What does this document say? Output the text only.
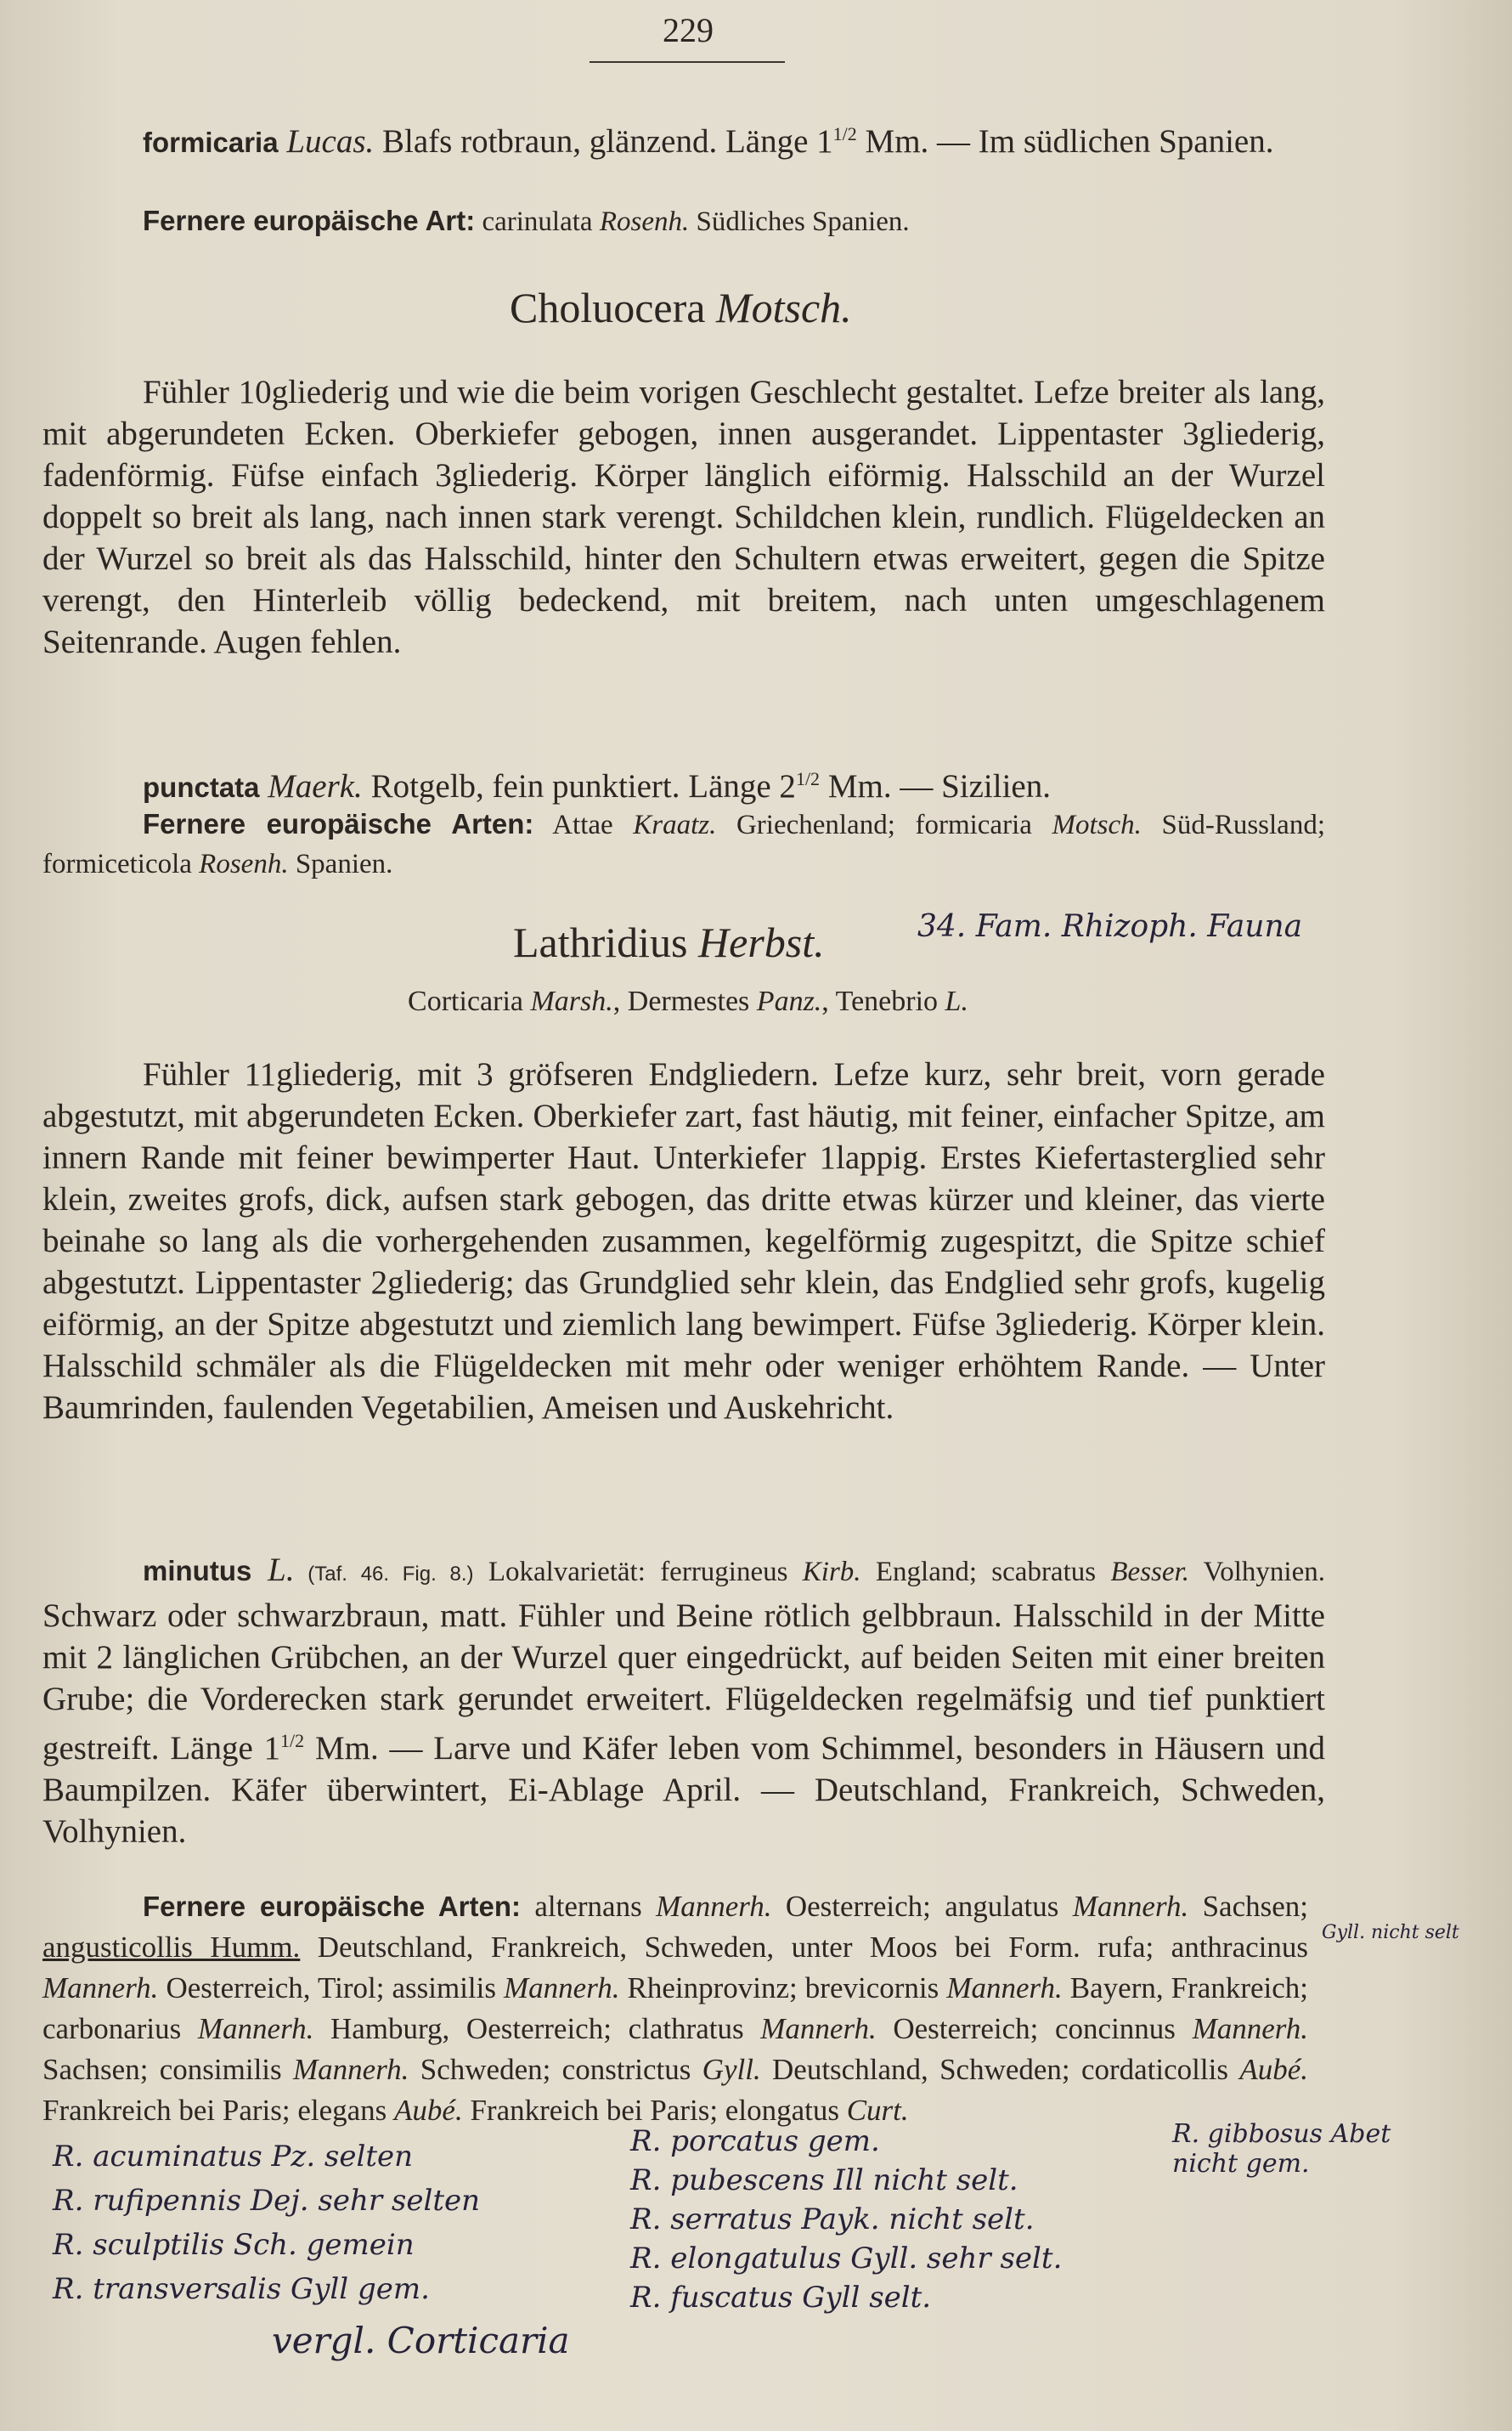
229

formicaria Lucas. Blafs rotbraun, glänzend. Länge $1^{1/2}$ Mm. — Im südlichen Spanien.

Fernere europäische Art: carinulata Rosenh. Südliches Spanien.

Choluocera Motsch.

Fühler 10gliederig und wie die beim vorigen Geschlecht gestaltet. Lefze breiter als lang, mit abgerundeten Ecken. Oberkiefer gebogen, innen ausgerandet. Lippentaster 3gliederig, fadenförmig. Füfse einfach 3gliederig. Körper länglich eiförmig. Halsschild an der Wurzel doppelt so breit als lang, nach innen stark verengt. Schildchen klein, rundlich. Flügeldecken an der Wurzel so breit als das Halsschild, hinter den Schultern etwas erweitert, gegen die Spitze verengt, den Hinterleib völlig bedeckend, mit breitem, nach unten umgeschlagenem Seitenrande. Augen fehlen.

punctata Maerk. Rotgelb, fein punktiert. Länge $2^{1/2}$ Mm. — Sizilien.

Fernere europäische Arten: Attae Kraatz. Griechenland; formicaria Motsch. Süd-Russland; formiceticola Rosenh. Spanien.

Lathridius Herbst.	34. Fam. Rhizoph. Fauna
Corticaria Marsh., Dermestes Panz., Tenebrio L.

Fühler 11gliederig, mit 3 gröfseren Endgliedern. Lefze kurz, sehr breit, vorn gerade abgestutzt, mit abgerundeten Ecken. Oberkiefer zart, fast häutig, mit feiner, einfacher Spitze, am innern Rande mit feiner bewimperter Haut. Unterkiefer 1lappig. Erstes Kiefertasterglied sehr klein, zweites grofs, dick, aufsen stark gebogen, das dritte etwas kürzer und kleiner, das vierte beinahe so lang als die vorhergehenden zusammen, kegelförmig zugespitzt, die Spitze schief abgestutzt. Lippentaster 2gliederig; das Grundglied sehr klein, das Endglied sehr grofs, kugelig eiförmig, an der Spitze abgestutzt und ziemlich lang bewimpert. Füfse 3gliederig. Körper klein. Halsschild schmäler als die Flügeldecken mit mehr oder weniger erhöhtem Rande. — Unter Baumrinden, faulenden Vegetabilien, Ameisen und Auskehricht.

minutus L. (Taf. 46. Fig. 8.) Lokalvarietät: ferrugineus Kirb. England; scabratus Besser. Volhynien. Schwarz oder schwarzbraun, matt. Fühler und Beine rötlich gelbbraun. Halsschild in der Mitte mit 2 länglichen Grübchen, an der Wurzel quer eingedrückt, auf beiden Seiten mit einer breiten Grube; die Vorderecken stark gerundet erweitert. Flügeldecken regelmäfsig und tief punktiert gestreift. Länge $1^{1/2}$ Mm. — Larve und Käfer leben vom Schimmel, besonders in Häusern und Baumpilzen. Käfer überwintert, Ei-Ablage April. — Deutschland, Frankreich, Schweden, Volhynien.

Fernere europäische Arten: alternans Mannerh. Oesterreich; angulatus Mannerh. Sachsen; angusticollis Humm. Deutschland, Frankreich, Schweden, unter Moos bei Form. rufa; anthracinus Mannerh. Oesterreich, Tirol; assimilis Mannerh. Rheinprovinz; brevicornis Mannerh. Bayern, Frankreich; carbonarius Mannerh. Hamburg, Oesterreich; clathratus Mannerh. Oesterreich; concinnus Mannerh. Sachsen; consimilis Mannerh. Schweden; constrictus Gyll. Deutschland, Schweden; cordaticollis Aubé. Frankreich bei Paris; elegans Aubé. Frankreich bei Paris; elongatus Curt.

Gyll. nicht selt
R. acuminatus Pz. selten
R. rufipennis Dej. sehr selten
R. sculptilis Sch. gemein
R. transversalis Gyll gem.
R. porcatus gem.
R. pubescens Ill nicht selt.
R. serratus Payk. nicht selt.
R. elongatulus Gyll. sehr selt.
R. fuscatus Gyll selt.
R. gibbosus Abet nicht gem.
vergl. Corticaria
